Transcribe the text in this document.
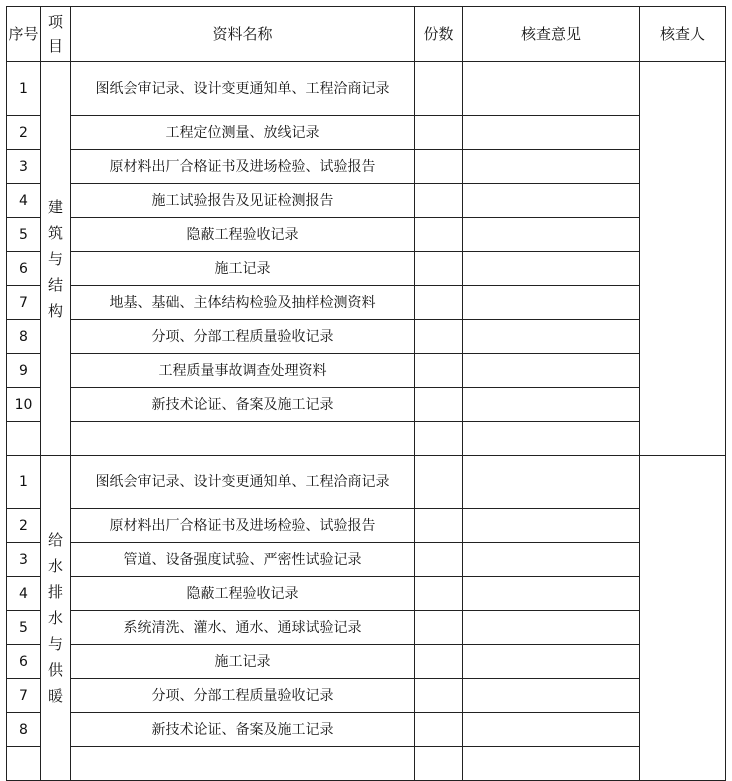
序号	项目	资料名称	份数	核查意见	核查人
1	建筑与结构	图纸会审记录、设计变更通知单、工程洽商记录			
2		工程定位测量、放线记录			
3		原材料出厂合格证书及进场检验、试验报告			
4		施工试验报告及见证检测报告			
5		隐蔽工程验收记录			
6		施工记录			
7		地基、基础、主体结构检验及抽样检测资料			
8		分项、分部工程质量验收记录			
9		工程质量事故调查处理资料			
10		新技术论证、备案及施工记录			

1	给水排水与供暖	图纸会审记录、设计变更通知单、工程洽商记录			
2		原材料出厂合格证书及进场检验、试验报告			
3		管道、设备强度试验、严密性试验记录			
4		隐蔽工程验收记录			
5		系统清洗、灌水、通水、通球试验记录			
6		施工记录			
7		分项、分部工程质量验收记录			
8		新技术论证、备案及施工记录			
